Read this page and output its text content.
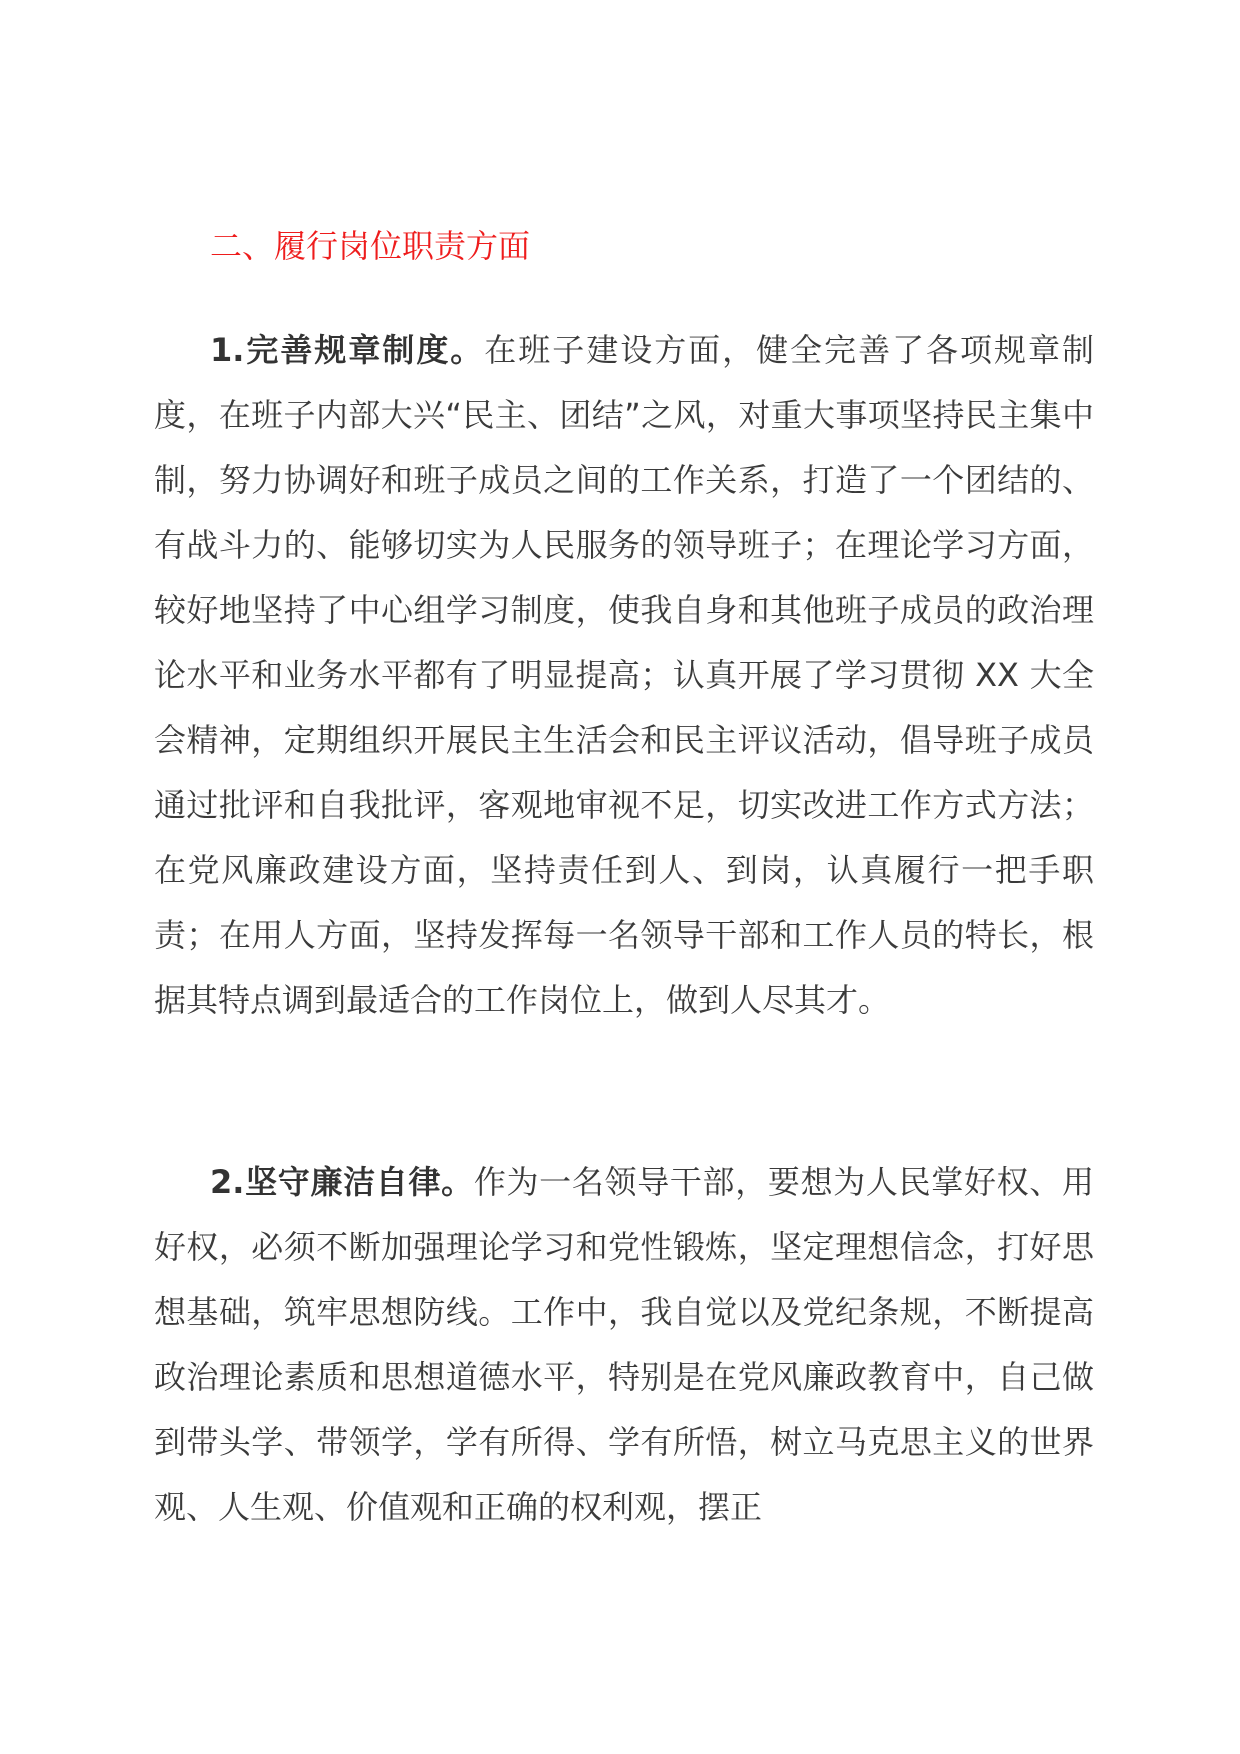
二、履行岗位职责方面

1.完善规章制度。在班子建设方面，健全完善了各项规章制度，在班子内部大兴“民主、团结”之风，对重大事项坚持民主集中制，努力协调好和班子成员之间的工作关系，打造了一个团结的、有战斗力的、能够切实为人民服务的领导班子；在理论学习方面，较好地坚持了中心组学习制度，使我自身和其他班子成员的政治理论水平和业务水平都有了明显提高；认真开展了学习贯彻 XX 大全会精神，定期组织开展民主生活会和民主评议活动，倡导班子成员通过批评和自我批评，客观地审视不足，切实改进工作方式方法；在党风廉政建设方面，坚持责任到人、到岗，认真履行一把手职责；在用人方面，坚持发挥每一名领导干部和工作人员的特长，根据其特点调到最适合的工作岗位上，做到人尽其才。

2.坚守廉洁自律。作为一名领导干部，要想为人民掌好权、用好权，必须不断加强理论学习和党性锻炼，坚定理想信念，打好思想基础，筑牢思想防线。工作中，我自觉以及党纪条规，不断提高政治理论素质和思想道德水平，特别是在党风廉政教育中，自己做到带头学、带领学，学有所得、学有所悟，树立马克思主义的世界观、人生观、价值观和正确的权利观，摆正
